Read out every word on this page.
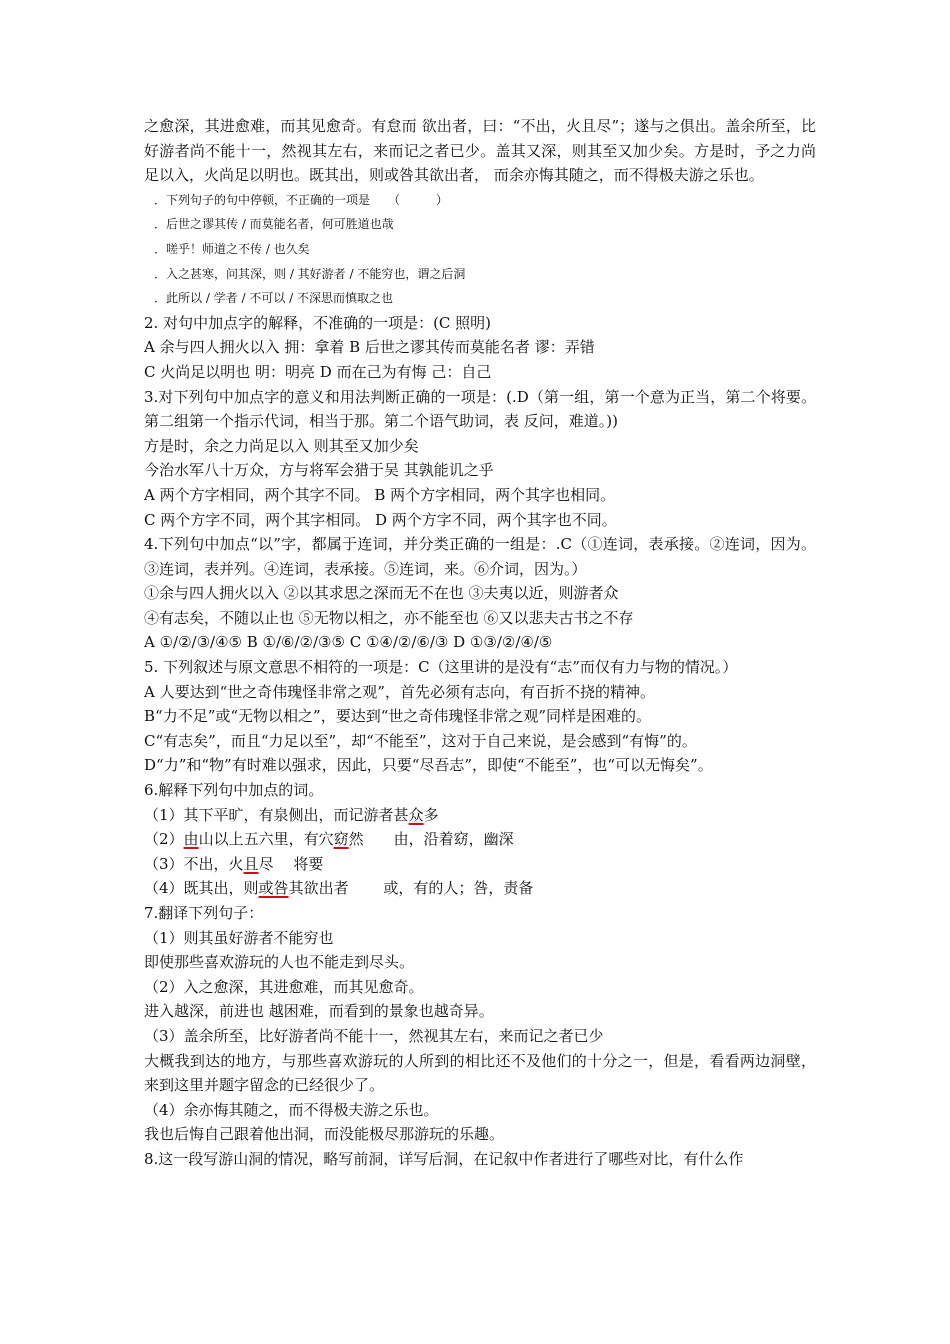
之愈深，其进愈难，而其见愈奇。有怠而 欲出者，曰：“不出，火且尽”；遂与之俱出。盖余所至，比好游者尚不能十一，然视其左右，来而记之者已少。盖其又深，则其至又加少矣。方是时，予之力尚足以入，火尚足以明也。既其出，则或咎其欲出者， 而余亦悔其随之，而不得极夫游之乐也。
．下列句子的句中停顿，不正确的一项是　　（　　　）
．后世之谬其传 / 而莫能名者，何可胜道也哉
．嗟乎！师道之不传 / 也久矣
．入之甚寒，问其深，则 / 其好游者 / 不能穷也，谓之后洞
．此所以 / 学者 / 不可以 / 不深思而慎取之也
2. 对句中加点字的解释，不准确的一项是：(C 照明)
A 余与四人拥火以入 拥：拿着 B 后世之谬其传而莫能名者 谬：弄错
C 火尚足以明也 明：明亮 D 而在己为有悔 己：自己
3.对下列句中加点字的意义和用法判断正确的一项是：(.D（第一组，第一个意为正当，第二个将要。第二组第一个指示代词，相当于那。第二个语气助词，表 反问，难道。))
方是时，余之力尚足以入 则其至又加少矣
今治水军八十万众，方与将军会猎于吴 其孰能讥之乎
A 两个方字相同，两个其字不同。 B 两个方字相同，两个其字也相同。
C 两个方字不同，两个其字相同。 D 两个方字不同，两个其字也不同。
4.下列句中加点“以”字，都属于连词，并分类正确的一组是：.C（①连词，表承接。②连词，因为。③连词，表并列。④连词，表承接。⑤连词，来。⑥介词，因为。）
①余与四人拥火以入 ②以其求思之深而无不在也 ③夫夷以近，则游者众
④有志矣，不随以止也 ⑤无物以相之，亦不能至也 ⑥又以悲夫古书之不存
A ①/②/③/④⑤ B ①/⑥/②/③⑤ C ①④/②/⑥/③ D ①③/②/④/⑤
5. 下列叙述与原文意思不相符的一项是：C（这里讲的是没有“志”而仅有力与物的情况。）
A 人要达到“世之奇伟瑰怪非常之观”，首先必须有志向，有百折不挠的精神。
B“力不足”或“无物以相之”，要达到“世之奇伟瑰怪非常之观”同样是困难的。
C“有志矣”，而且“力足以至”，却“不能至”，这对于自己来说，是会感到“有悔”的。
D“力”和“物”有时难以强求，因此，只要“尽吾志”，即使“不能至”，也“可以无悔矣”。
6.解释下列句中加点的词。
（1）其下平旷，有泉侧出，而记游者甚众多
（2）由山以上五六里，有穴窈然　　由，沿着窈，幽深
（3）不出，火且尽　 将要
（4）既其出，则或咎其欲出者　　 或，有的人；咎，责备
7.翻译下列句子：
（1）则其虽好游者不能穷也
即使那些喜欢游玩的人也不能走到尽头。
（2）入之愈深，其进愈难，而其见愈奇。
进入越深，前进也 越困难，而看到的景象也越奇异。
（3）盖余所至，比好游者尚不能十一，然视其左右，来而记之者已少
大概我到达的地方，与那些喜欢游玩的人所到的相比还不及他们的十分之一，但是，看看两边洞壁， 来到这里并题字留念的已经很少了。
（4）余亦悔其随之，而不得极夫游之乐也。
我也后悔自己跟着他出洞，而没能极尽那游玩的乐趣。
8.这一段写游山洞的情况，略写前洞，详写后洞，在记叙中作者进行了哪些对比，有什么作
